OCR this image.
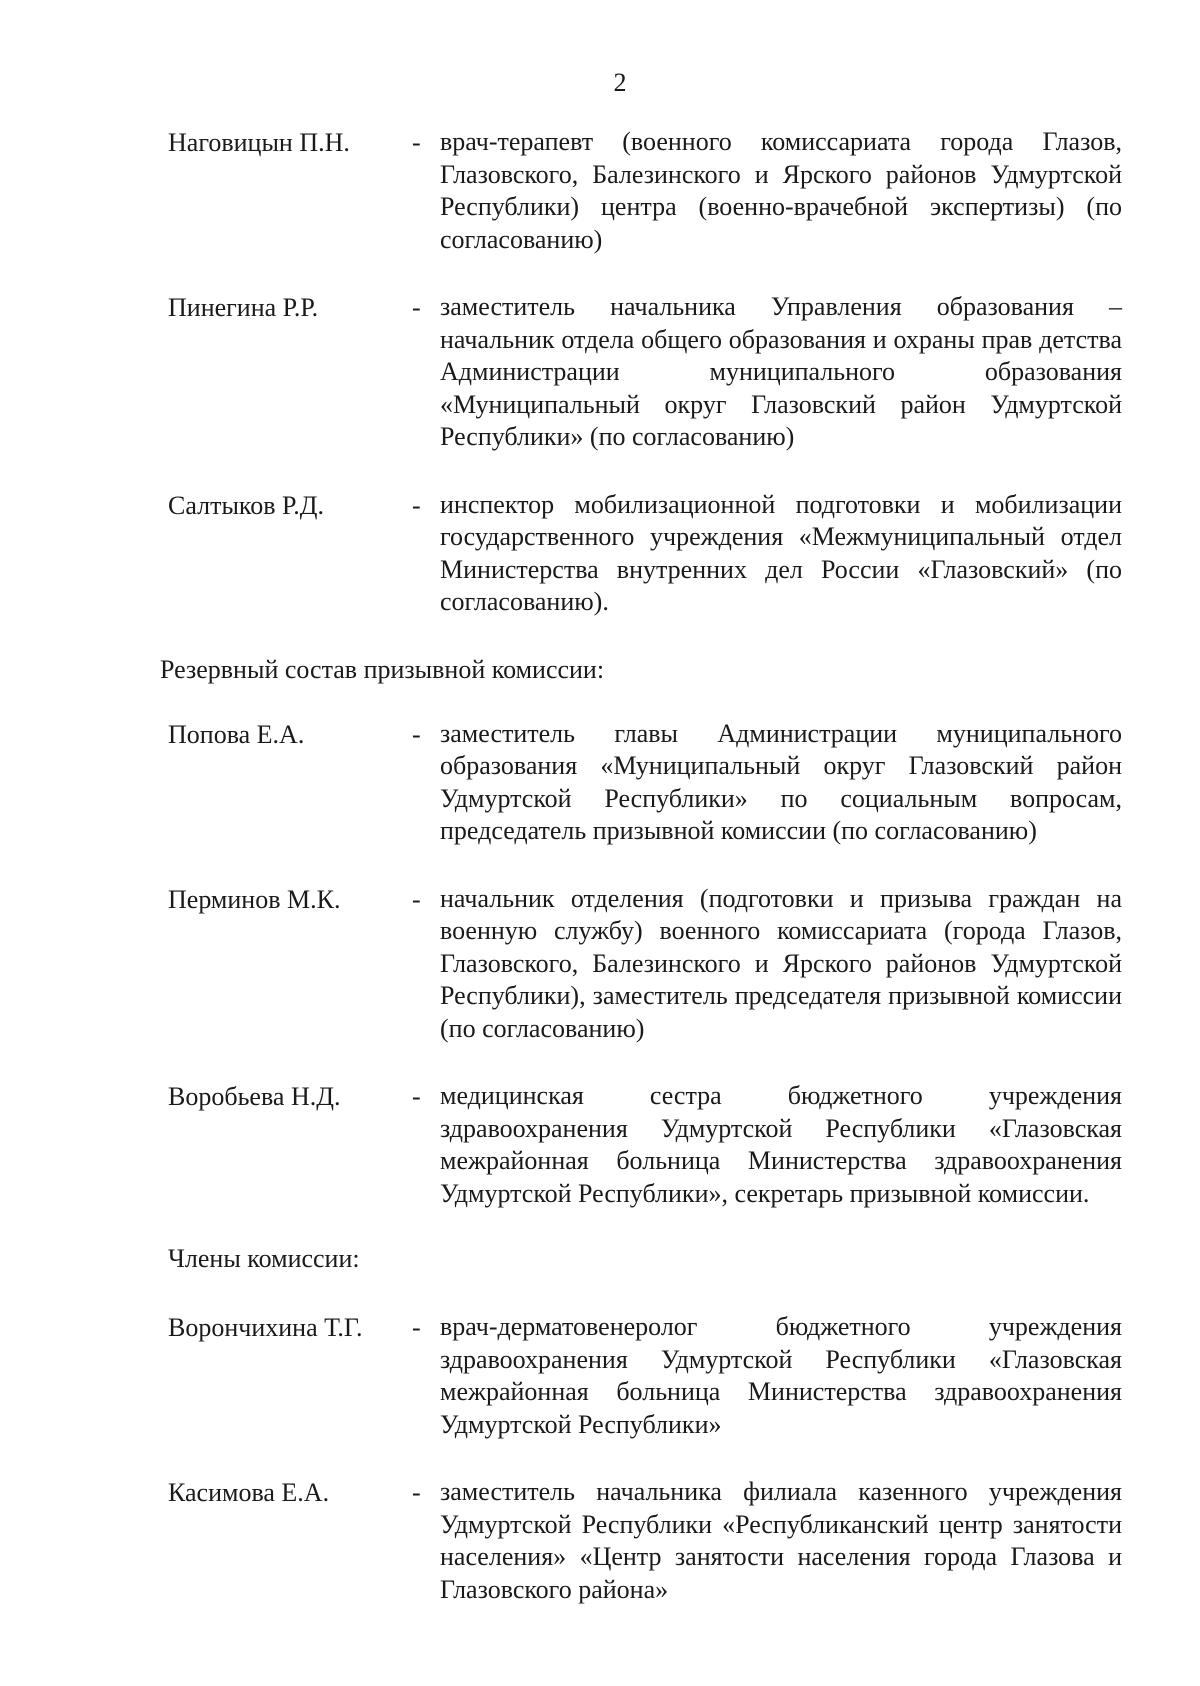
2
Наговицын П.Н.	- врач-терапевт (военного комиссариата города Глазов, Глазовского, Балезинского и Ярского районов Удмуртской Республики) центра (военно-врачебной экспертизы) (по согласованию)
Пинегина Р.Р.	- заместитель начальника Управления образования – начальник отдела общего образования и охраны прав детства Администрации муниципального образования «Муниципальный округ Глазовский район Удмуртской Республики» (по согласованию)
Салтыков Р.Д.	- инспектор мобилизационной подготовки и мобилизации государственного учреждения «Межмуниципальный отдел Министерства внутренних дел России «Глазовский» (по согласованию).
Резервный состав призывной комиссии:
Попова Е.А.	- заместитель главы Администрации муниципального образования «Муниципальный округ Глазовский район Удмуртской Республики» по социальным вопросам, председатель призывной комиссии (по согласованию)
Перминов М.К.	- начальник отделения (подготовки и призыва граждан на военную службу) военного комиссариата (города Глазов, Глазовского, Балезинского и Ярского районов Удмуртской Республики), заместитель председателя призывной комиссии (по согласованию)
Воробьева Н.Д.	- медицинская сестра бюджетного учреждения здравоохранения Удмуртской Республики «Глазовская межрайонная больница Министерства здравоохранения Удмуртской Республики», секретарь призывной комиссии.
Члены комиссии:
Ворончихина Т.Г.	- врач-дерматовенеролог бюджетного учреждения здравоохранения Удмуртской Республики «Глазовская межрайонная больница Министерства здравоохранения Удмуртской Республики»
Касимова Е.А.	- заместитель начальника филиала казенного учреждения Удмуртской Республики «Республиканский центр занятости населения» «Центр занятости населения города Глазова и Глазовского района»
